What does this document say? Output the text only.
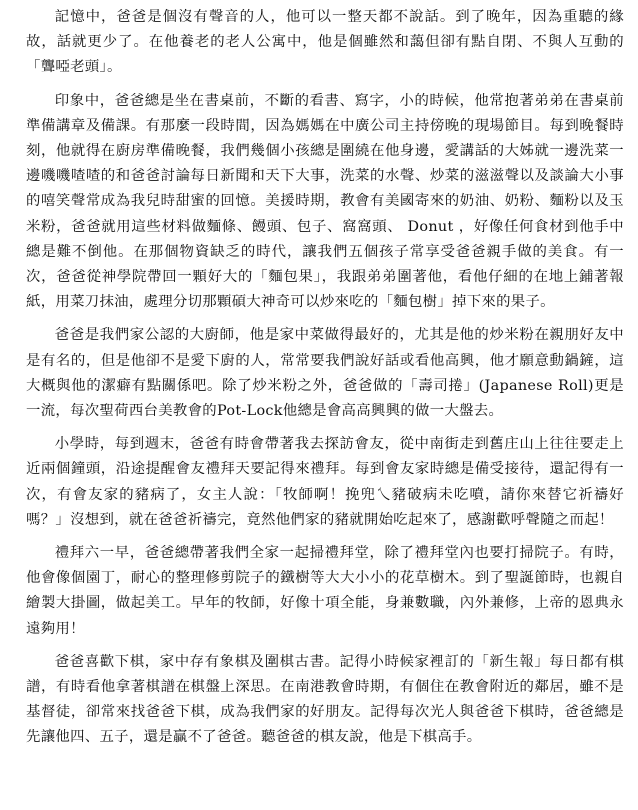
記憶中，爸爸是個沒有聲音的人，他可以一整天都不說話。到了晚年，因為重聽的緣故，話就更少了。在他養老的老人公寓中，他是個雖然和藹但卻有點自閉、不與人互動的「聾啞老頭」。

印象中，爸爸總是坐在書桌前，不斷的看書、寫字，小的時候，他常抱著弟弟在書桌前準備講章及備課。有那麼一段時間，因為媽媽在中廣公司主持傍晚的現場節目。每到晚餐時刻，他就得在廚房準備晚餐，我們幾個小孩總是圍繞在他身邊，愛講話的大姊就一邊洗菜一邊嘰嘰喳喳的和爸爸討論每日新聞和天下大事，洗菜的水聲、炒菜的滋滋聲以及談論大小事的嘻笑聲常成為我兒時甜蜜的回憶。美援時期，教會有美國寄來的奶油、奶粉、麵粉以及玉米粉，爸爸就用這些材料做麵條、饅頭、包子、窩窩頭、 Donut ，好像任何食材到他手中總是難不倒他。在那個物資缺乏的時代，讓我們五個孩子常享受爸爸親手做的美食。有一次，爸爸從神學院帶回一顆好大的「麵包果」，我跟弟弟圍著他，看他仔細的在地上鋪著報紙，用菜刀抹油，處理分切那顆碩大神奇可以炒來吃的「麵包樹」掉下來的果子。

爸爸是我們家公認的大廚師，他是家中菜做得最好的，尤其是他的炒米粉在親朋好友中是有名的，但是他卻不是愛下廚的人，常常要我們說好話或看他高興，他才願意動鍋鏟，這大概與他的潔癖有點關係吧。除了炒米粉之外，爸爸做的「壽司捲」(Japanese Roll)更是一流，每次聖荷西台美教會的Pot-Lock他總是會高高興興的做一大盤去。

小學時，每到週末，爸爸有時會帶著我去探訪會友，從中南街走到舊庄山上往往要走上近兩個鐘頭，沿途提醒會友禮拜天要記得來禮拜。每到會友家時總是備受接待，還記得有一次，有會友家的豬病了，女主人說：「牧師啊！挽兜乀豬破病未吃噴，請你來替它祈禱好嗎？」沒想到，就在爸爸祈禱完，竟然他們家的豬就開始吃起來了，感謝歡呼聲隨之而起！

禮拜六一早，爸爸總帶著我們全家一起掃禮拜堂，除了禮拜堂內也要打掃院子。有時，他會像個園丁，耐心的整理修剪院子的鐵樹等大大小小的花草樹木。到了聖誕節時，也親自繪製大掛圖，做起美工。早年的牧師，好像十項全能，身兼數職，內外兼修，上帝的恩典永遠夠用！

爸爸喜歡下棋，家中存有象棋及圍棋古書。記得小時候家裡訂的「新生報」每日都有棋譜，有時看他拿著棋譜在棋盤上深思。在南港教會時期，有個住在教會附近的鄰居，雖不是基督徒，卻常來找爸爸下棋，成為我們家的好朋友。記得每次光人與爸爸下棋時，爸爸總是先讓他四、五子，還是贏不了爸爸。聽爸爸的棋友說，他是下棋高手。
